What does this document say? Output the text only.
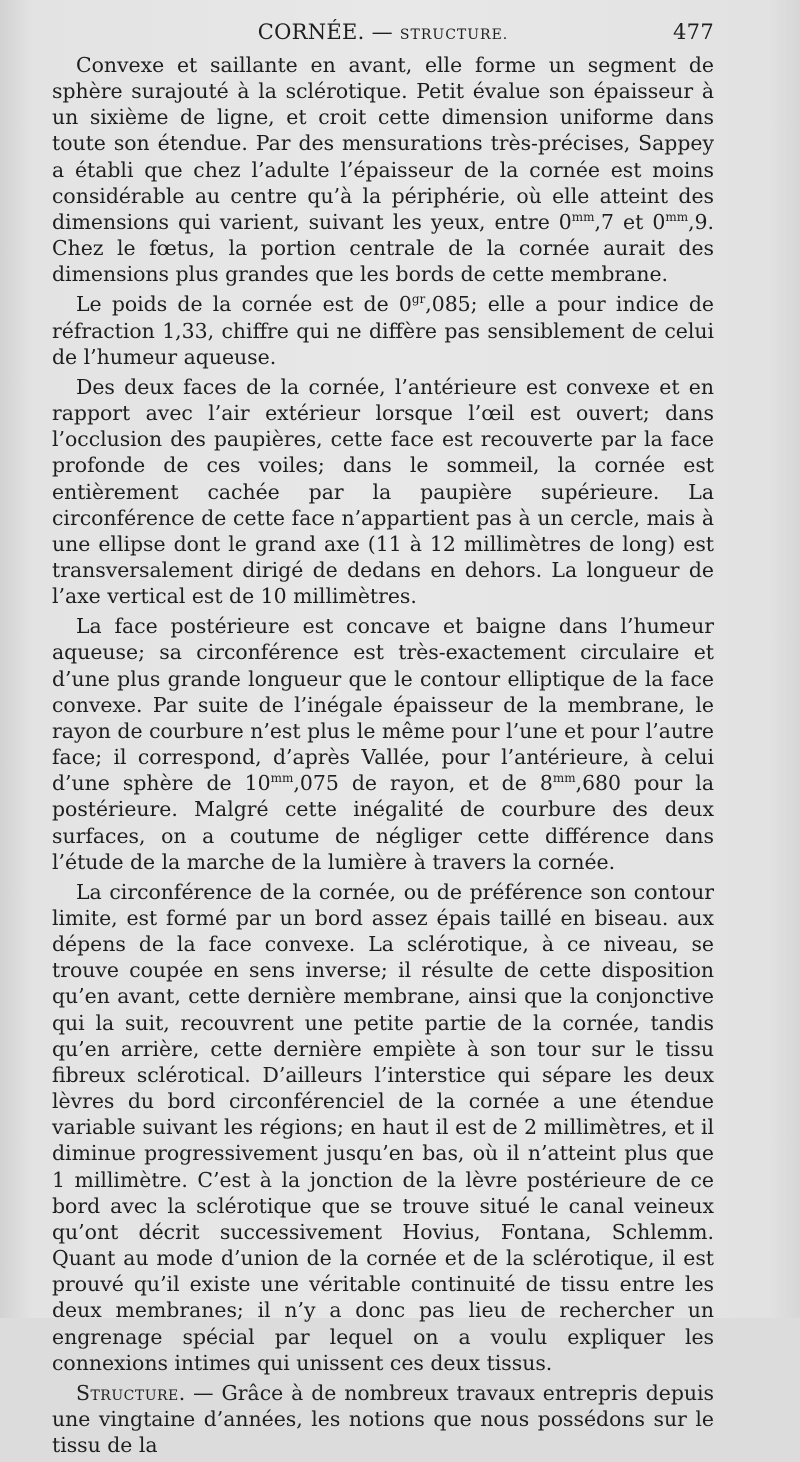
CORNÉE. — STRUCTURE.	477

Convexe et saillante en avant, elle forme un segment de sphère surajouté à la sclérotique. Petit évalue son épaisseur à un sixième de ligne, et croit cette dimension uniforme dans toute son étendue. Par des mensurations très-précises, Sappey a établi que chez l’adulte l’épaisseur de la cornée est moins considérable au centre qu’à la périphérie, où elle atteint des dimensions qui varient, suivant les yeux, entre $0^{mm},7$ et $0^{mm},9$. Chez le fœtus, la portion centrale de la cornée aurait des dimensions plus grandes que les bords de cette membrane.

Le poids de la cornée est de $0^{gr},085$; elle a pour indice de réfraction 1,33, chiffre qui ne diffère pas sensiblement de celui de l’humeur aqueuse.

Des deux faces de la cornée, l’antérieure est convexe et en rapport avec l’air extérieur lorsque l’œil est ouvert; dans l’occlusion des paupières, cette face est recouverte par la face profonde de ces voiles; dans le sommeil, la cornée est entièrement cachée par la paupière supérieure. La circonférence de cette face n’appartient pas à un cercle, mais à une ellipse dont le grand axe (11 à 12 millimètres de long) est transversalement dirigé de dedans en dehors. La longueur de l’axe vertical est de 10 millimètres.

La face postérieure est concave et baigne dans l’humeur aqueuse; sa circonférence est très-exactement circulaire et d’une plus grande longueur que le contour elliptique de la face convexe. Par suite de l’inégale épaisseur de la membrane, le rayon de courbure n’est plus le même pour l’une et pour l’autre face; il correspond, d’après Vallée, pour l’antérieure, à celui d’une sphère de $10^{mm},075$ de rayon, et de $8^{mm},680$ pour la postérieure. Malgré cette inégalité de courbure des deux surfaces, on a coutume de négliger cette différence dans l’étude de la marche de la lumière à travers la cornée.

La circonférence de la cornée, ou de préférence son contour limite, est formé par un bord assez épais taillé en biseau. aux dépens de la face convexe. La sclérotique, à ce niveau, se trouve coupée en sens inverse; il résulte de cette disposition qu’en avant, cette dernière membrane, ainsi que la conjonctive qui la suit, recouvrent une petite partie de la cornée, tandis qu’en arrière, cette dernière empiète à son tour sur le tissu fibreux sclérotical. D’ailleurs l’interstice qui sépare les deux lèvres du bord circonférenciel de la cornée a une étendue variable suivant les régions; en haut il est de 2 millimètres, et il diminue progressivement jusqu’en bas, où il n’atteint plus que 1 millimètre. C’est à la jonction de la lèvre postérieure de ce bord avec la sclérotique que se trouve situé le canal veineux qu’ont décrit successivement Hovius, Fontana, Schlemm. Quant au mode d’union de la cornée et de la sclérotique, il est prouvé qu’il existe une véritable continuité de tissu entre les deux membranes; il n’y a donc pas lieu de rechercher un engrenage spécial par lequel on a voulu expliquer les connexions intimes qui unissent ces deux tissus.

Structure. — Grâce à de nombreux travaux entrepris depuis une vingtaine d’années, les notions que nous possédons sur le tissu de la
